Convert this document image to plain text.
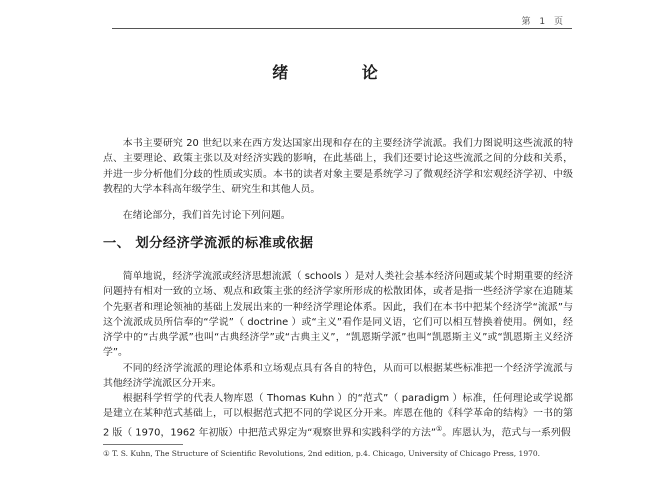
第 1 页
绪 论

本书主要研究 20 世纪以来在西方发达国家出现和存在的主要经济学流派。我们力图说明这些流派的特点、主要理论、政策主张以及对经济实践的影响，在此基础上，我们还要讨论这些流派之间的分歧和关系，并进一步分析他们分歧的性质或实质。本书的读者对象主要是系统学习了微观经济学和宏观经济学初、中级教程的大学本科高年级学生、研究生和其他人员。

在绪论部分，我们首先讨论下列问题。

一、 划分经济学流派的标准或依据

简单地说，经济学流派或经济思想流派（ schools ）是对人类社会基本经济问题或某个时期重要的经济问题持有相对一致的立场、观点和政策主张的经济学家所形成的松散团体，或者是指一些经济学家在追随某个先驱者和理论领袖的基础上发展出来的一种经济学理论体系。因此，我们在本书中把某个经济学“流派”与这个流派成员所信奉的“学说”（ doctrine ）或“主义”看作是同义语，它们可以相互替换着使用。例如，经济学中的“古典学派”也叫“古典经济学”或“古典主义”，“凯恩斯学派”也叫“凯恩斯主义”或“凯恩斯主义经济学”。

不同的经济学流派的理论体系和立场观点具有各自的特色，从而可以根据某些标准把一个经济学流派与其他经济学流派区分开来。

根据科学哲学的代表人物库恩（ Thomas Kuhn ）的“范式”（ paradigm ）标准，任何理论或学说都是建立在某种范式基础上，可以根据范式把不同的学说区分开来。库恩在他的《科学革命的结构》一书的第 2 版（ 1970，1962 年初版）中把范式界定为“观察世界和实践科学的方法”①。库恩认为，范式与一系列假

① T. S. Kuhn, The Structure of Scientific Revolutions, 2nd edition, p.4. Chicago, University of Chicago Press, 1970.
